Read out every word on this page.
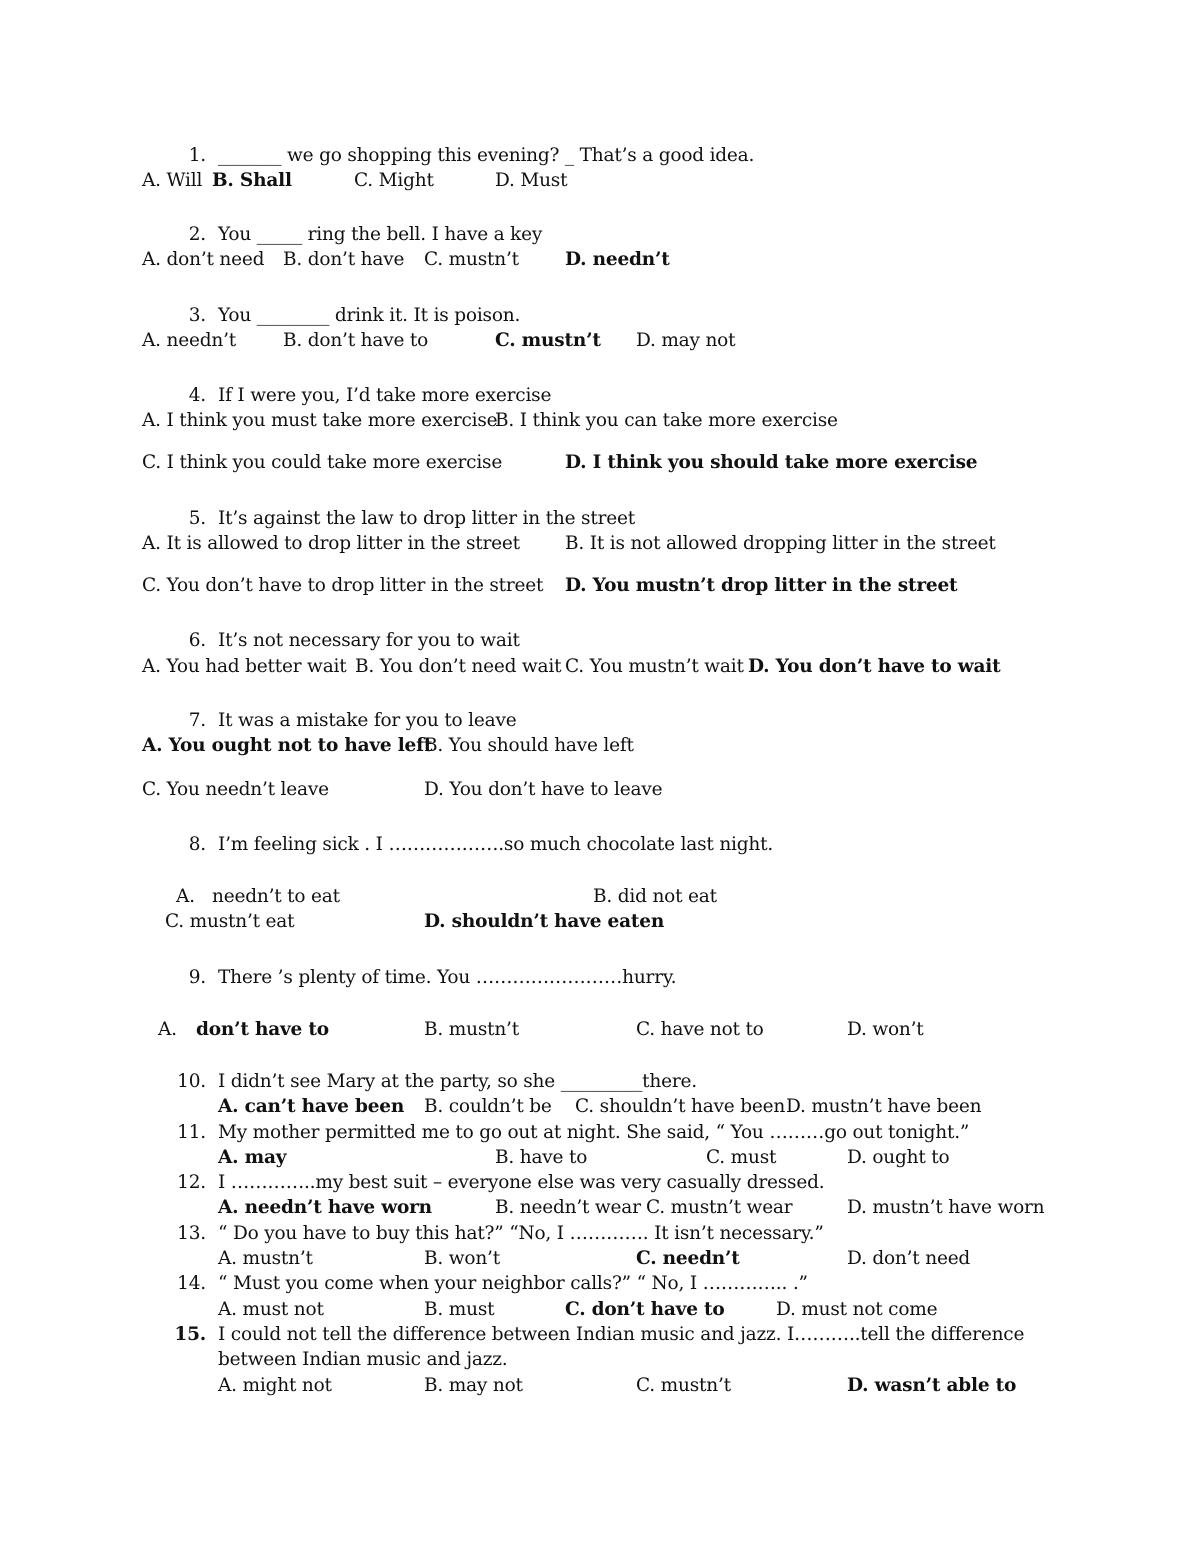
1. _______ we go shopping this evening? _ That’s a good idea.
A. Will B. Shall	C. Might	D. Must
2. You _____ ring the bell. I have a key
A. don’t need B. don’t have C. mustn’t D. needn’t
3. You ________ drink it. It is poison.
A. needn’t	B. don’t have to	C. mustn’t D. may not
4. If I were you, I’d take more exercise
A. I think you must take more exercise
B. I think you can take more exercise
C. I think you could take more exercise	D. I think you should take more exercise
5. It’s against the law to drop litter in the street
A. It is allowed to drop litter in the street B. It is not allowed dropping litter in the street
C. You don’t have to drop litter in the street D. You mustn’t drop litter in the street
6. It’s not necessary for you to wait
A. You had better wait B. You don’t need wait C. You mustn’t wait D. You don’t have to wait
7. It was a mistake for you to leave
A. You ought not to have left
B. You should have left
C. You needn’t leave	D. You don’t have to leave
8. I’m feeling sick . I ……………….so much chocolate last night.
A. needn’t to eat	B. did not eat
C. mustn’t eat	D. shouldn’t have eaten
9. There ’s plenty of time. You ……………………hurry.
A. don’t have to	B. mustn’t	C. have not to	D. won’t
10. I didn’t see Mary at the party, so she _________there.
A. can’t have been B. couldn’t be C. shouldn’t have been D. mustn’t have been
11. My mother permitted me to go out at night. She said, “ You ………go out tonight.”
A. may	B. have to	C. must	D. ought to
12. I …………..my best suit – everyone else was very casually dressed.
A. needn’t have worn	B. needn’t wear C. mustn’t wear	D. mustn’t have worn
13. “ Do you have to buy this hat?” “No, I …………. It isn’t necessary.”
A. mustn’t	B. won’t	C. needn’t	D. don’t need
14. “ Must you come when your neighbor calls?” “ No, I ………….. .”
A. must not	B. must	C. don’t have to	D. must not come
15. I could not tell the difference between Indian music and jazz. I………..tell the difference
between Indian music and jazz.
A. might not	B. may not	C. mustn’t	D. wasn’t able to
